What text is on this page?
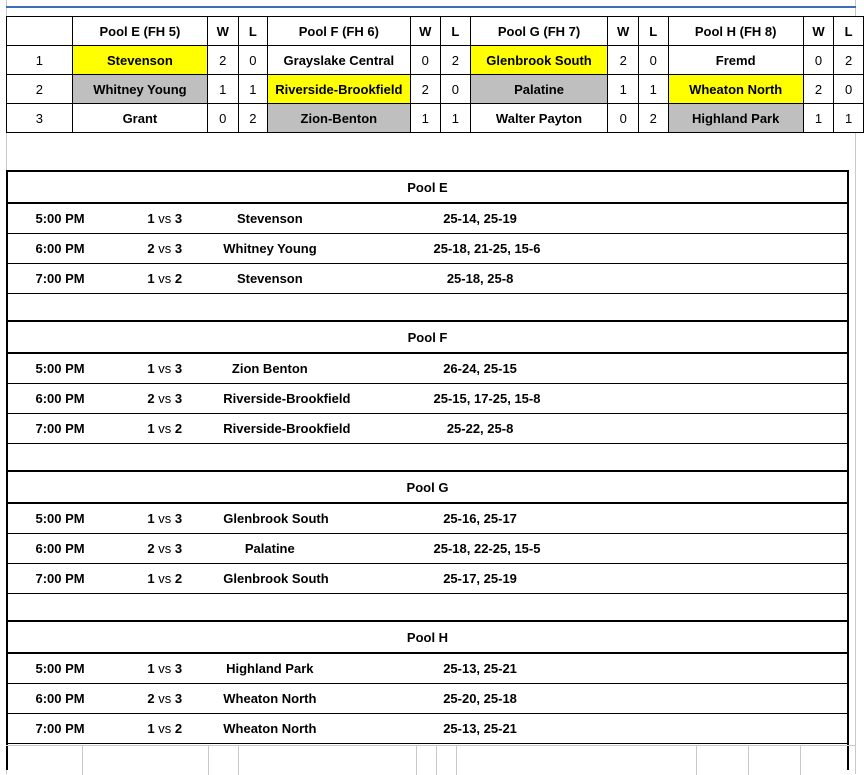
	Pool E (FH 5)	W	L	Pool F (FH 6)	W	L	Pool G (FH 7)	W	L	Pool H (FH 8)	W	L
1	Stevenson	2	0	Grayslake Central	0	2	Glenbrook South	2	0	Fremd	0	2
2	Whitney Young	1	1	Riverside-Brookfield	2	0	Palatine	1	1	Wheaton North	2	0
3	Grant	0	2	Zion-Benton	1	1	Walter Payton	0	2	Highland Park	1	1
Pool E							
5:00 PM	1 vs 3	Stevenson		25-14, 25-19			
6:00 PM	2 vs 3	Whitney Young		25-18, 21-25, 15-6			
7:00 PM	1 vs 2	Stevenson		25-18, 25-8			

Pool F							
5:00 PM	1 vs 3	Zion Benton		26-24, 25-15			
6:00 PM	2 vs 3	Riverside-Brookfield		25-15, 17-25, 15-8			
7:00 PM	1 vs 2	Riverside-Brookfield		25-22, 25-8			

Pool G							
5:00 PM	1 vs 3	Glenbrook South		25-16, 25-17			
6:00 PM	2 vs 3	Palatine		25-18, 22-25, 15-5			
7:00 PM	1 vs 2	Glenbrook South		25-17, 25-19			

Pool H							
5:00 PM	1 vs 3	Highland Park		25-13, 25-21			
6:00 PM	2 vs 3	Wheaton North		25-20, 25-18			
7:00 PM	1 vs 2	Wheaton North		25-13, 25-21			
